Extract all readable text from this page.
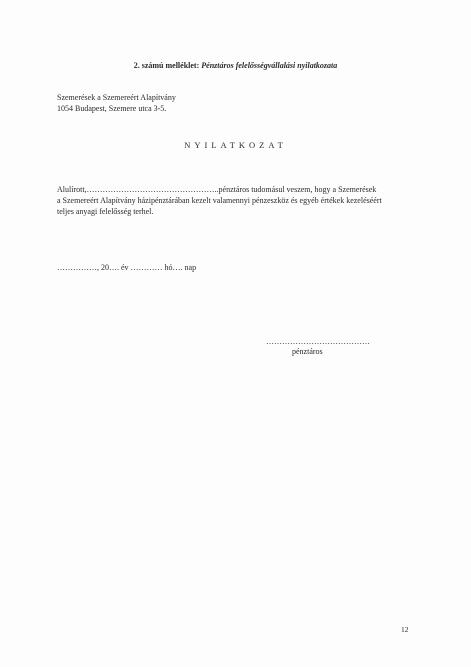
2. számú melléklet: Pénztáros felelősségvállalási nyilatkozata
Szemerések a Szemereért Alapítvány
1054 Budapest, Szemere utca 3-5.
NYILATKOZAT
Alulírott,…………………………………………..pénztáros tudomásul veszem, hogy a Szemerések
a Szemereért Alapítvány házipénztárában kezelt valamennyi pénzeszköz és egyéb értékek kezeléséért
teljes anyagi felelősség terhel.
……………, 20…. év ………… hó…. nap
…………………………………
pénztáros
12
